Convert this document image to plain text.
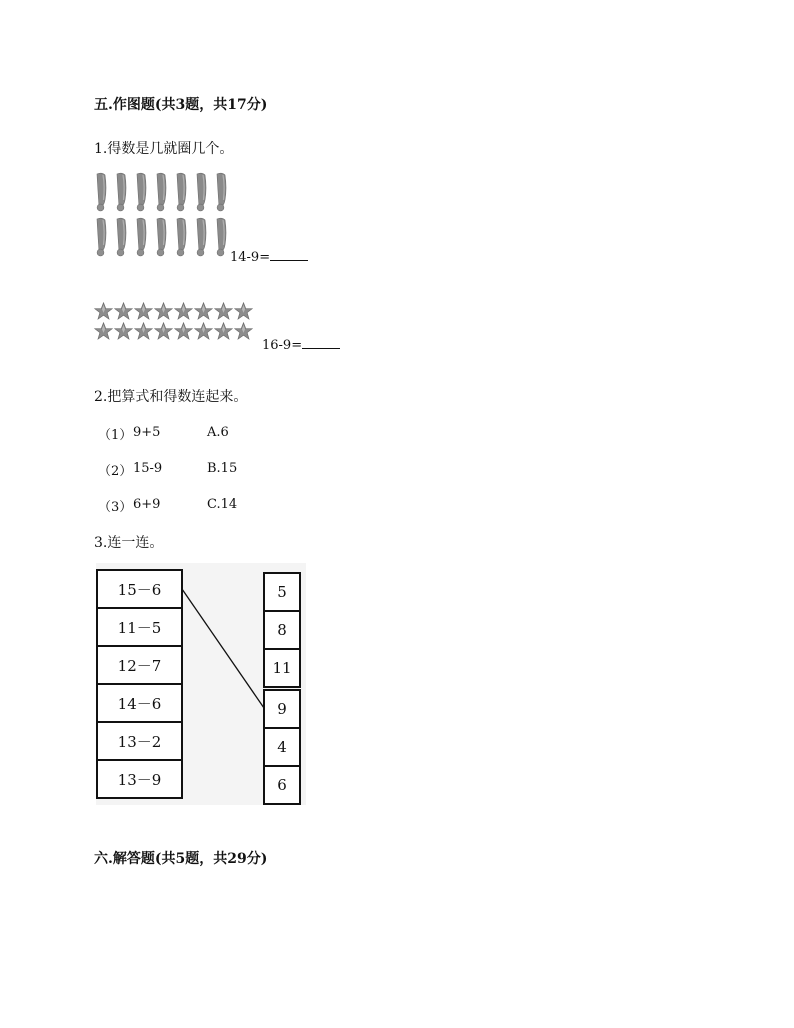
五.作图题(共3题，共17分)
1.得数是几就圈几个。
14-9=
16-9=
2.把算式和得数连起来。
（1） 9+5	A.6
（2） 15-9	B.15
（3） 6+9	C.14
3.连一连。
15－6
11－5
12－7
14－6
13－2
13－9
5
8
11
9
4
6
六.解答题(共5题，共29分)
